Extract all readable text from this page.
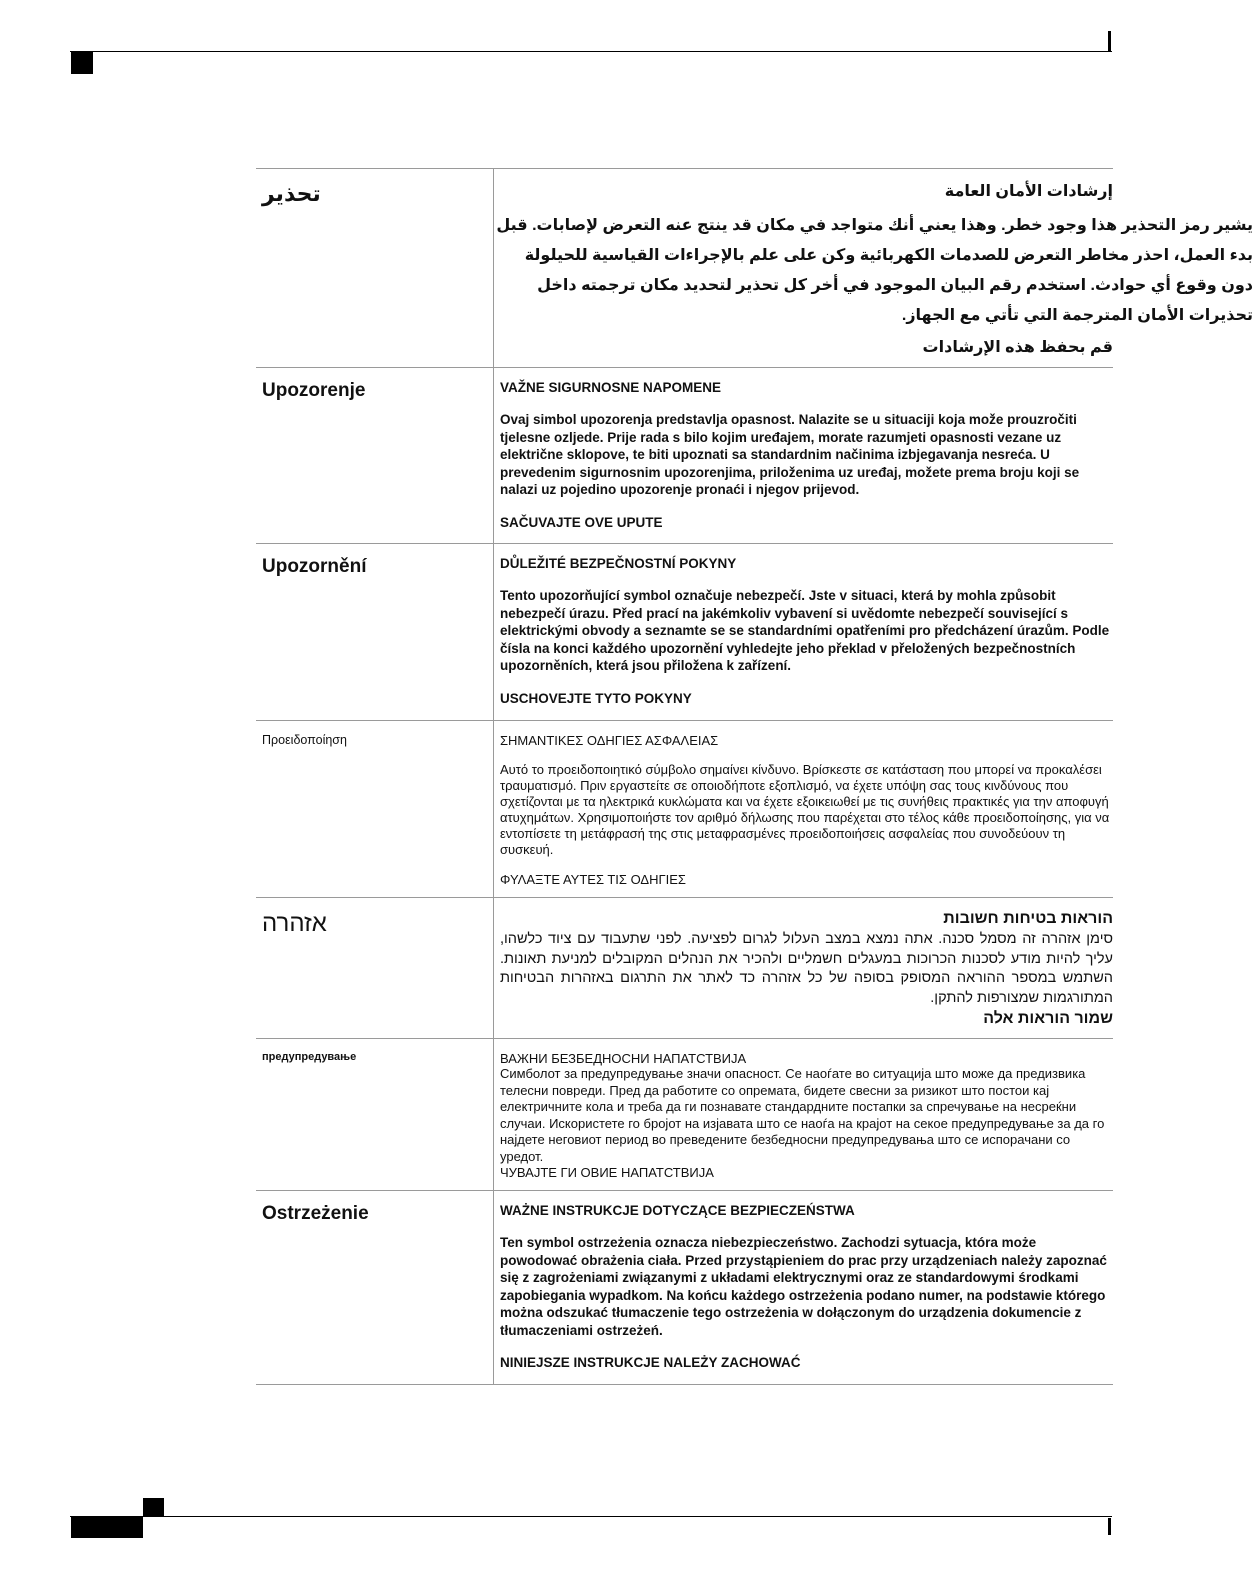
تحذير	إرشادات الأمان العامة

يشير رمز التحذير هذا وجود خطر. وهذا يعني أنك متواجد في مكان قد ينتج عنه التعرض لإصابات. قبل بدء العمل، احذر مخاطر التعرض للصدمات الكهربائية وكن على علم بالإجراءات القياسية للحيلولة دون وقوع أي حوادث. استخدم رقم البيان الموجود في أخر كل تحذير لتحديد مكان ترجمته داخل تحذيرات الأمان المترجمة التي تأتي مع الجهاز.

قم بحفظ هذه الإرشادات

Upozorenje	VAŽNE SIGURNOSNE NAPOMENE

Ovaj simbol upozorenja predstavlja opasnost. Nalazite se u situaciji koja može prouzročiti tjelesne ozljede. Prije rada s bilo kojim uređajem, morate razumjeti opasnosti vezane uz električne sklopove, te biti upoznati sa standardnim načinima izbjegavanja nesreća. U prevedenim sigurnosnim upozorenjima, priloženima uz uređaj, možete prema broju koji se nalazi uz pojedino upozorenje pronaći i njegov prijevod.

SAČUVAJTE OVE UPUTE

Upozornění	DŮLEŽITÉ BEZPEČNOSTNÍ POKYNY

Tento upozorňující symbol označuje nebezpečí. Jste v situaci, která by mohla způsobit nebezpečí úrazu. Před prací na jakémkoliv vybavení si uvědomte nebezpečí související s elektrickými obvody a seznamte se se standardními opatřeními pro předcházení úrazům. Podle čísla na konci každého upozornění vyhledejte jeho překlad v přeložených bezpečnostních upozorněních, která jsou přiložena k zařízení.

USCHOVEJTE TYTO POKYNY

Προειδοποίηση	ΣΗΜΑΝΤΙΚΕΣ ΟΔΗΓΙΕΣ ΑΣΦΑΛΕΙΑΣ

Αυτό το προειδοποιητικό σύμβολο σημαίνει κίνδυνο. Βρίσκεστε σε κατάσταση που μπορεί να προκαλέσει τραυματισμό. Πριν εργαστείτε σε οποιοδήποτε εξοπλισμό, να έχετε υπόψη σας τους κινδύνους που σχετίζονται με τα ηλεκτρικά κυκλώματα και να έχετε εξοικειωθεί με τις συνήθεις πρακτικές για την αποφυγή ατυχημάτων. Χρησιμοποιήστε τον αριθμό δήλωσης που παρέχεται στο τέλος κάθε προειδοποίησης, για να εντοπίσετε τη μετάφρασή της στις μεταφρασμένες προειδοποιήσεις ασφαλείας που συνοδεύουν τη συσκευή.

ΦΥΛΑΞΤΕ ΑΥΤΕΣ ΤΙΣ ΟΔΗΓΙΕΣ

אזהרה	הוראות בטיחות חשובות

סימן אזהרה זה מסמל סכנה. אתה נמצא במצב העלול לגרום לפציעה. לפני שתעבוד עם ציוד כלשהו, עליך להיות מודע לסכנות הכרוכות במעגלים חשמליים ולהכיר את הנהלים המקובלים למניעת תאונות. השתמש במספר ההוראה המסופק בסופה של כל אזהרה כד לאתר את התרגום באזהרות הבטיחות המתורגמות שמצורפות להתקן.

שמור הוראות אלה

предупредување	ВАЖНИ БЕЗБЕДНОСНИ НАПАТСТВИЈА

Симболот за предупредување значи опасност. Се наоѓате во ситуација што може да предизвика телесни повреди. Пред да работите со опремата, бидете свесни за ризикот што постои кај електричните кола и треба да ги познавате стандардните постапки за спречување на несреќни случаи. Искористете го бројот на изјавата што се наоѓа на крајот на секое предупредување за да го најдете неговиот период во преведените безбедносни предупредувања што се испорачани со уредот.

ЧУВАЈТЕ ГИ ОВИЕ НАПАТСТВИЈА

Ostrzeżenie	WAŻNE INSTRUKCJE DOTYCZĄCE BEZPIECZEŃSTWA

Ten symbol ostrzeżenia oznacza niebezpieczeństwo. Zachodzi sytuacja, która może powodować obrażenia ciała. Przed przystąpieniem do prac przy urządzeniach należy zapoznać się z zagrożeniami związanymi z układami elektrycznymi oraz ze standardowymi środkami zapobiegania wypadkom. Na końcu każdego ostrzeżenia podano numer, na podstawie którego można odszukać tłumaczenie tego ostrzeżenia w dołączonym do urządzenia dokumencie z tłumaczeniami ostrzeżeń.

NINIEJSZE INSTRUKCJE NALEŻY ZACHOWAĆ
